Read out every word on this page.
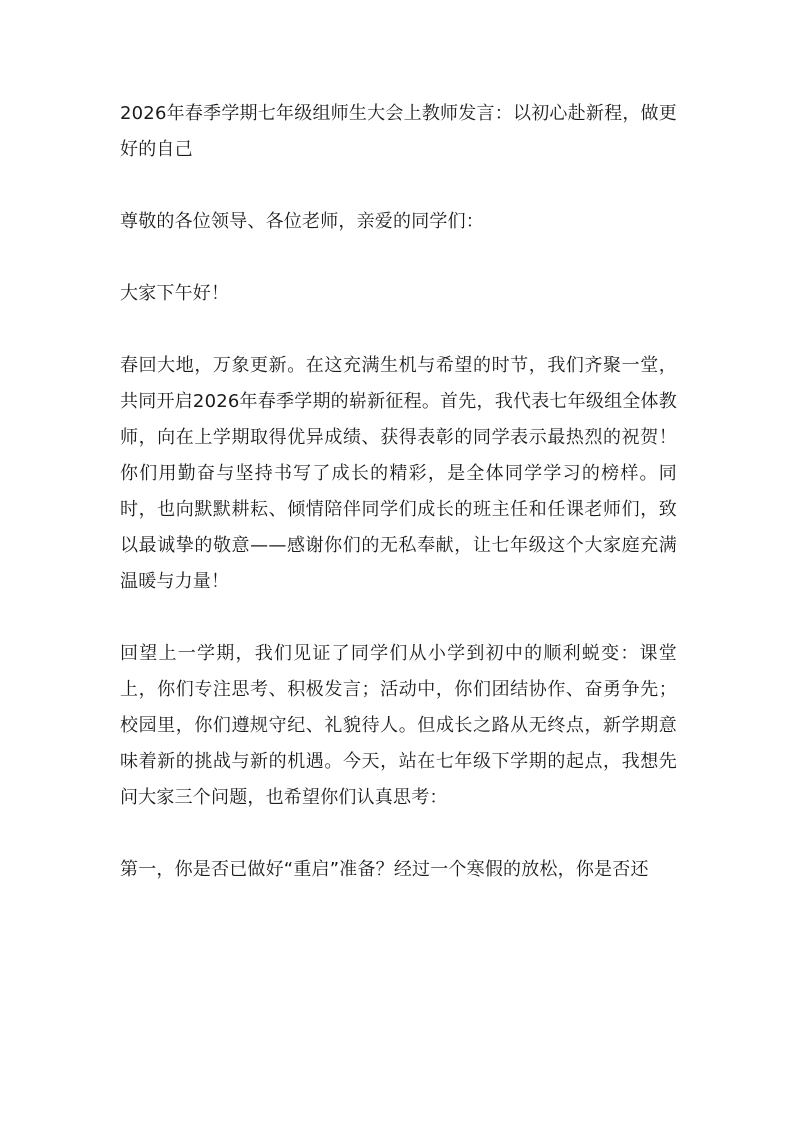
2026年春季学期七年级组师生大会上教师发言：以初心赴新程，做更好的自己

尊敬的各位领导、各位老师，亲爱的同学们：

大家下午好！

春回大地，万象更新。在这充满生机与希望的时节，我们齐聚一堂，共同开启2026年春季学期的崭新征程。首先，我代表七年级组全体教师，向在上学期取得优异成绩、获得表彰的同学表示最热烈的祝贺！你们用勤奋与坚持书写了成长的精彩，是全体同学学习的榜样。同时，也向默默耕耘、倾情陪伴同学们成长的班主任和任课老师们，致以最诚挚的敬意——感谢你们的无私奉献，让七年级这个大家庭充满温暖与力量！

回望上一学期，我们见证了同学们从小学到初中的顺利蜕变：课堂上，你们专注思考、积极发言；活动中，你们团结协作、奋勇争先；校园里，你们遵规守纪、礼貌待人。但成长之路从无终点，新学期意味着新的挑战与新的机遇。今天，站在七年级下学期的起点，我想先问大家三个问题，也希望你们认真思考：

第一，你是否已做好“重启”准备？经过一个寒假的放松，你是否还
